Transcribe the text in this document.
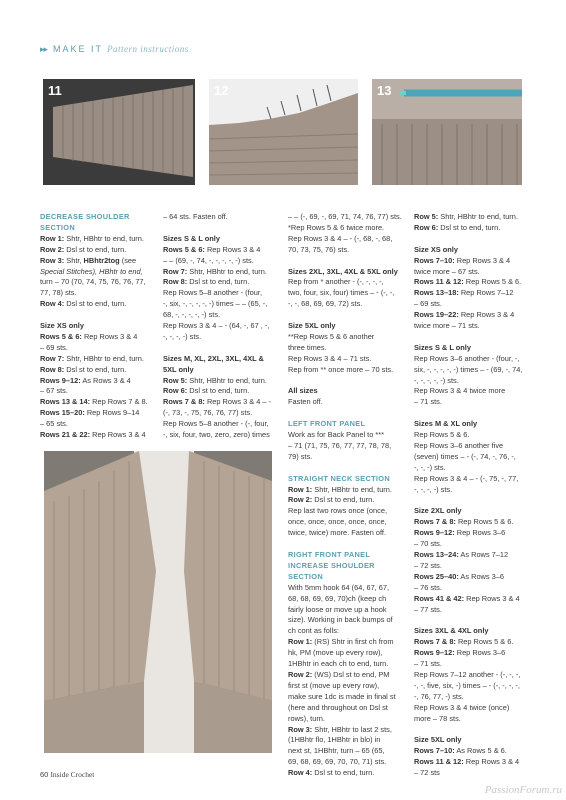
▸▸ MAKE IT Pattern instructions
11	12	13

DECREASE SHOULDER

SECTION

Row 1: Shtr, HBhtr to end, turn.

Row 2: Dsl st to end, turn.

Row 3: Shtr, HBhtr2tog (see

Special Stitches), HBhtr to end,

turn – 70 (70, 74, 75, 76, 76, 77,

77, 78) sts.

Row 4: Dsl st to end, turn.

Size XS only

Rows 5 & 6: Rep Rows 3 & 4

– 69 sts.

Row 7: Shtr, HBhtr to end, turn.

Row 8: Dsl st to end, turn.

Rows 9–12: As Rows 3 & 4

– 67 sts.

Rows 13 & 14: Rep Rows 7 & 8.

Rows 15–20: Rep Rows 9–14

– 65 sts.

Rows 21 & 22: Rep Rows 3 & 4

– 64 sts. Fasten off.

Sizes S & L only

Rows 5 & 6: Rep Rows 3 & 4

– – (69, -, 74, -, -, -, -, -) sts.

Row 7: Shtr, HBhtr to end, turn.

Row 8: Dsl st to end, turn.

Rep Rows 5–8 another - (four,

-, six, -, -, -, -, -) times – – (65, -,

68, -, -, -, -, -) sts.

Rep Rows 3 & 4 – - (64, -, 67 , -,

-, -, -, -) sts.

Sizes M, XL, 2XL, 3XL, 4XL &

5XL only

Row 5: Shtr, HBhtr to end, turn.

Row 6: Dsl st to end, turn.

Rows 7 & 8: Rep Rows 3 & 4 – -

(-, 73, -, 75, 76, 76, 77) sts.

Rep Rows 5–8 another - (-, four,

-, six, four, two, zero, zero) times

– – (-, 69, -, 69, 71, 74, 76, 77) sts.

*Rep Rows 5 & 6 twice more.

Rep Rows 3 & 4 – - (-, 68, -, 68,

70, 73, 75, 76) sts.

Sizes 2XL, 3XL, 4XL & 5XL only

Rep from * another - (-, -, -, -,

two, four, six, four) times – - (-, -,

-, -, 68, 69, 69, 72) sts.

Size 5XL only

**Rep Rows 5 & 6 another

three times.

Rep Rows 3 & 4 – 71 sts.

Rep from ** once more – 70 sts.

All sizes

Fasten off.

LEFT FRONT PANEL

Work as for Back Panel to ***

– 71 (71, 75, 76, 77, 77, 78, 78,

79) sts.

STRAIGHT NECK SECTION

Row 1: Shtr, HBhtr to end, turn.

Row 2: Dsl st to end, turn.

Rep last two rows once (once,

once, once, once, once, once,

twice, twice) more. Fasten off.

RIGHT FRONT PANEL

INCREASE SHOULDER

SECTION

With 5mm hook 64 (64, 67, 67,

68, 68, 69, 69, 70)ch (keep ch

fairly loose or move up a hook

size). Working in back bumps of

ch cont as folls:

Row 1: (RS) Shtr in first ch from

hk, PM (move up every row),

1HBhtr in each ch to end, turn.

Row 2: (WS) Dsl st to end, PM

first st (move up every row),

make sure 1dc is made in final st

(here and throughout on Dsl st

rows), turn.

Row 3: Shtr, HBhtr to last 2 sts,

(1HBhtr flo, 1HBhtr in blo) in

next st, 1HBhtr, turn – 65 (65,

69, 68, 69, 69, 70, 70, 71) sts.

Row 4: Dsl st to end, turn.

Row 5: Shtr, HBhtr to end, turn.

Row 6: Dsl st to end, turn.

Size XS only

Rows 7–10: Rep Rows 3 & 4

twice more – 67 sts.

Rows 11 & 12: Rep Rows 5 & 6.

Rows 13–18: Rep Rows 7–12

– 69 sts.

Rows 19–22: Rep Rows 3 & 4

twice more – 71 sts.

Sizes S & L only

Rep Rows 3–6 another - (four, -,

six, -, -, -, -, -) times – - (69, -, 74,

-, -, -, -, -) sts.

Rep Rows 3 & 4 twice more

– 71 sts.

Sizes M & XL only

Rep Rows 5 & 6.

Rep Rows 3–6 another five

(seven) times – - (-, 74, -, 76, -,

-, -, -) sts.

Rep Rows 3 & 4 – - (-, 75, -, 77,

-, -, -, -) sts.

Size 2XL only

Rows 7 & 8: Rep Rows 5 & 6.

Rows 9–12: Rep Rows 3–6

– 70 sts.

Rows 13–24: As Rows 7–12

– 72 sts.

Rows 25–40: As Rows 3–6

– 76 sts.

Rows 41 & 42: Rep Rows 3 & 4

– 77 sts.

Sizes 3XL & 4XL only

Rows 7 & 8: Rep Rows 5 & 6.

Rows 9–12: Rep Rows 3–6

– 71 sts.

Rep Rows 7–12 another - (-, -, -,

-, -, five, six, -) times – - (-, -, -, -,

-, 76, 77, -) sts.

Rep Rows 3 & 4 twice (once)

more – 78 sts.

Size 5XL only

Rows 7–10: As Rows 5 & 6.

Rows 11 & 12: Rep Rows 3 & 4

– 72 sts

60 Inside Crochet
PassionForum.ru
